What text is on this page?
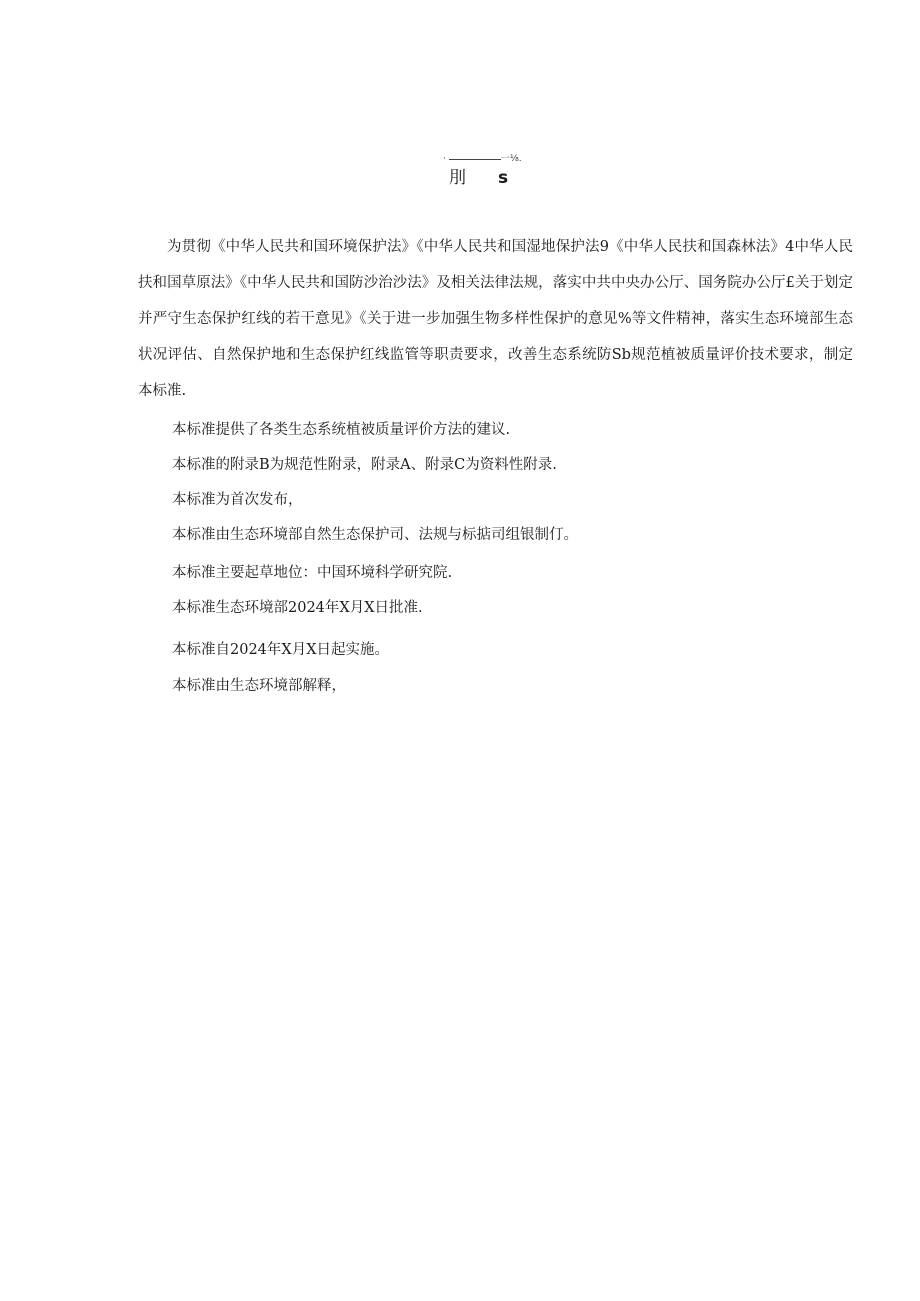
·	一⅛.
刖 s

为贯彻《中华人民共和国环境保护法》《中华人民共和国湿地保护法9《中华人民扶和国森林法》4中华人民扶和国草原法》《中华人民共和国防沙治沙法》及相关法律法规，落实中共中央办公厅、国务院办公厅£关于划定并严守生态保护红线的若干意见》《关于进一步加强生物多样性保护的意见%等文件精神，落实生态环境部生态状况评估、自然保护地和生态保护红线监管等职责要求，改善生态系统防Sb规范植被质量评价技术要求，制定本标准.

本标准提供了各类生态系统植被质量评价方法的建议.

本标准的附录B为规范性附录，附录A、附录C为资料性附录.

本标准为首次发布，

本标准由生态环境部自然生态保护司、法规与标掂司组银制仃。

本标准主要起草地位：中国环境科学研究院.

本标准生态环境部2024年X月X日批准.

本标准自2024年X月X日起实施。

本标准由生态环境部解释，
